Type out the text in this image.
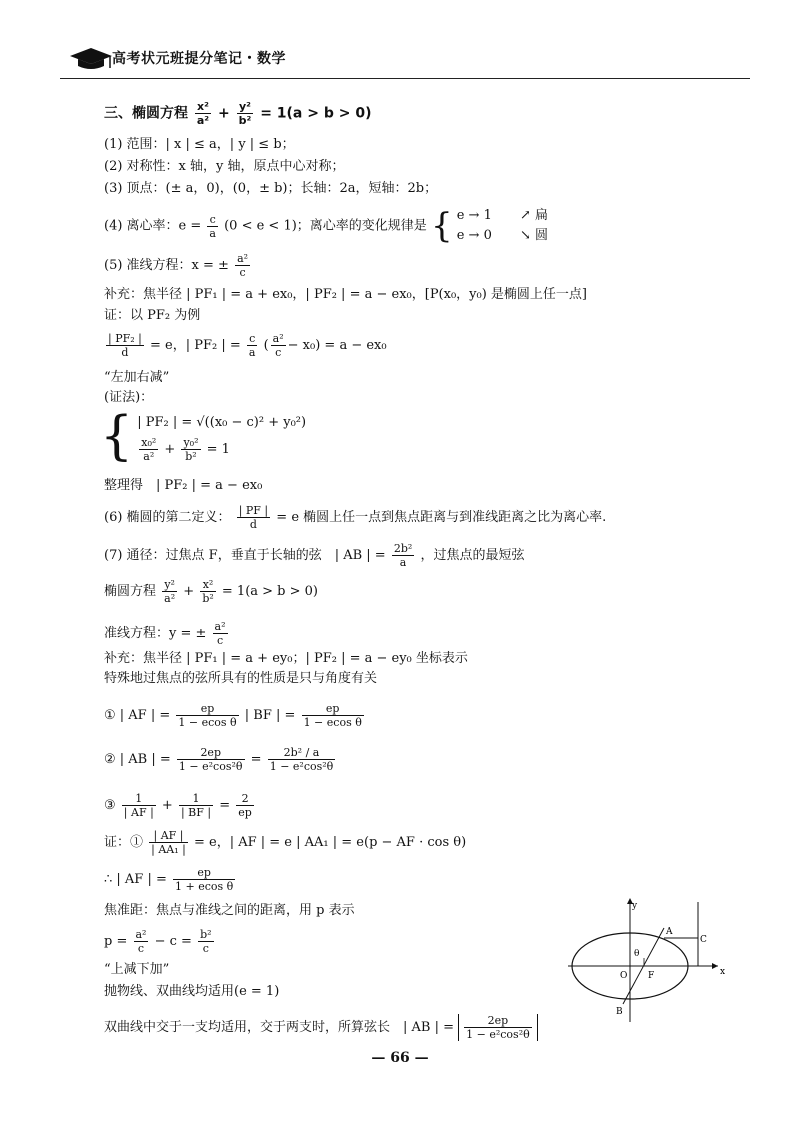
高考状元班提分笔记・数学
三、椭圆方程 $\frac{\text{x²}}{\text{a²}} + \frac{\text{y²}}{\text{b²}} = 1(a > b > 0)$
(1) 范围：| x | ≤ a，| y | ≤ b；
(2) 对称性：x 轴，y 轴，原点中心对称；
(3) 顶点：(± a，0)，(0，± b)；长轴：2a，短轴：2b；
(4) 离心率：$e = \frac{c}{a} (0 < e < 1)$；离心率的变化规律是 { e → 1
e → 0 ↗ 扁
↘ 圆
(5) 准线方程：x = ± $\frac{\text{a²}}{c}$
补充：焦半径 | PF₁ | = a + ex₀，| PF₂ | = a − ex₀，[P(x₀，y₀) 是椭圆上任一点]
证：以 PF₂ 为例
$\frac{\text{| PF₂ |}}{d} = e$，| PF₂ | = $\frac{c}{a}$ ( $\frac{\text{a²}}{c} - x_0) = a - ex_0$
“左加右减”
(证法)：
{ | PF₂ | = √((x₀ − c)² + y₀²)

$\frac{\text{x₀²}}{\text{a²}} + \frac{\text{y₀²}}{\text{b²}} = 1$
整理得　| PF₂ | = a − ex₀
(6) 椭圆的第二定义： $\frac{| PF |}{d} = e$ 椭圆上任一点到焦点距离与到准线距离之比为离心率.
(7) 通径：过焦点 F，垂直于长轴的弦　| AB | = $\frac{\text{2b²}}{a}$ ，过焦点的最短弦
椭圆方程 $\frac{\text{y²}}{\text{a²}} + \frac{\text{x²}}{\text{b²}} = 1(a > b > 0)$
准线方程：y = ± $\frac{\text{a²}}{c}$
补充：焦半径 | PF₁ | = a + ey₀；| PF₂ | = a − ey₀ 坐标表示
特殊地过焦点的弦所具有的性质是只与角度有关
① | AF | = $\frac{ep}{\text{1 − ecos θ}}$ | BF | = $\frac{ep}{\text{1 − ecos θ}}$
② | AB | = $\frac{2ep}{\text{1 − e²cos²θ}} = \frac{\text{2b² / a}}{\text{1 − e²cos²θ}}$
③ $\frac{1}{| AF |} + \frac{1}{| BF |} = \frac{2}{ep}$
证：① $\frac{| AF |}{\text{| AA₁ |}} = e$，| AF | = e | AA₁ | = e(p − AF · cos θ)
∴ | AF | = $\frac{ep}{\text{1 + ecos θ}}$
焦准距：焦点与准线之间的距离，用 p 表示
$p = \frac{\text{a²}}{c} - c = \frac{\text{b²}}{c}$
“上减下加”
抛物线、双曲线均适用(e = 1)
双曲线中交于一支均适用，交于两支时，所算弦长　| AB | = $\frac{2ep}{\text{1 − e²cos²θ}}$
y
x
O F
A
B
C
θ
— 66 —
